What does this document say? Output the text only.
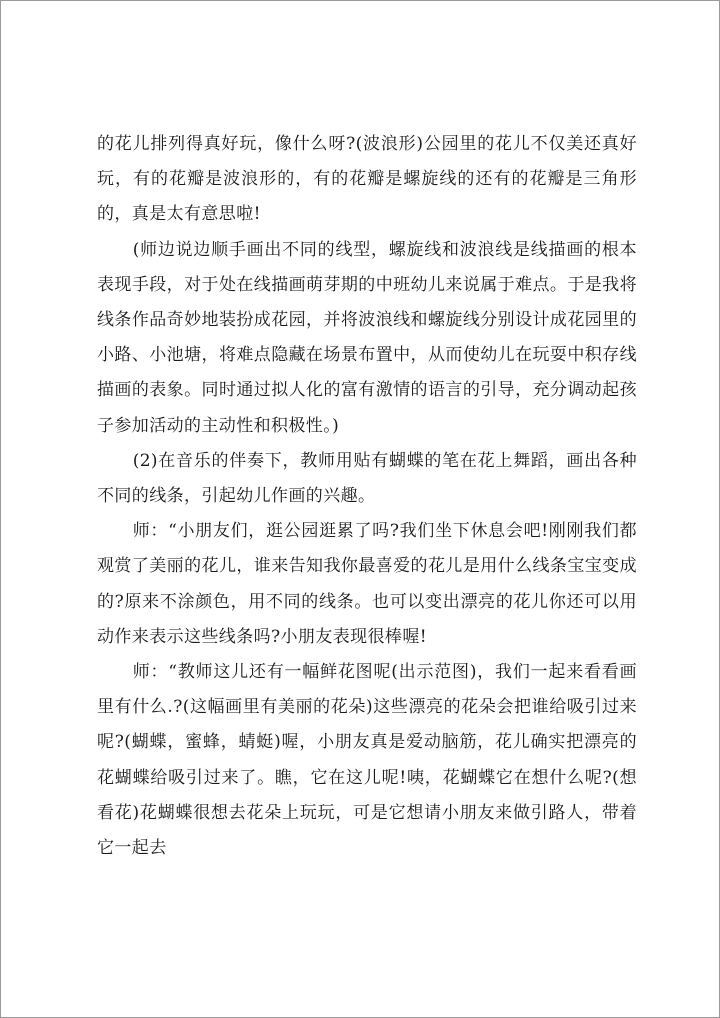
的花儿排列得真好玩，像什么呀?(波浪形)公园里的花儿不仅美还真好玩，有的花瓣是波浪形的，有的花瓣是螺旋线的还有的花瓣是三角形的，真是太有意思啦!

(师边说边顺手画出不同的线型，螺旋线和波浪线是线描画的根本表现手段，对于处在线描画萌芽期的中班幼儿来说属于难点。于是我将线条作品奇妙地装扮成花园，并将波浪线和螺旋线分别设计成花园里的小路、小池塘，将难点隐藏在场景布置中，从而使幼儿在玩耍中积存线描画的表象。同时通过拟人化的富有激情的语言的引导，充分调动起孩子参加活动的主动性和积极性。)

(2)在音乐的伴奏下，教师用贴有蝴蝶的笔在花上舞蹈，画出各种不同的线条，引起幼儿作画的兴趣。

师：“小朋友们，逛公园逛累了吗?我们坐下休息会吧!刚刚我们都观赏了美丽的花儿，谁来告知我你最喜爱的花儿是用什么线条宝宝变成的?原来不涂颜色，用不同的线条。也可以变出漂亮的花儿你还可以用动作来表示这些线条吗?小朋友表现很棒喔!

师：“教师这儿还有一幅鲜花图呢(出示范图)，我们一起来看看画里有什么.?(这幅画里有美丽的花朵)这些漂亮的花朵会把谁给吸引过来呢?(蝴蝶，蜜蜂，蜻蜓)喔，小朋友真是爱动脑筋，花儿确实把漂亮的花蝴蝶给吸引过来了。瞧，它在这儿呢!咦，花蝴蝶它在想什么呢?(想看花)花蝴蝶很想去花朵上玩玩，可是它想请小朋友来做引路人，带着它一起去
